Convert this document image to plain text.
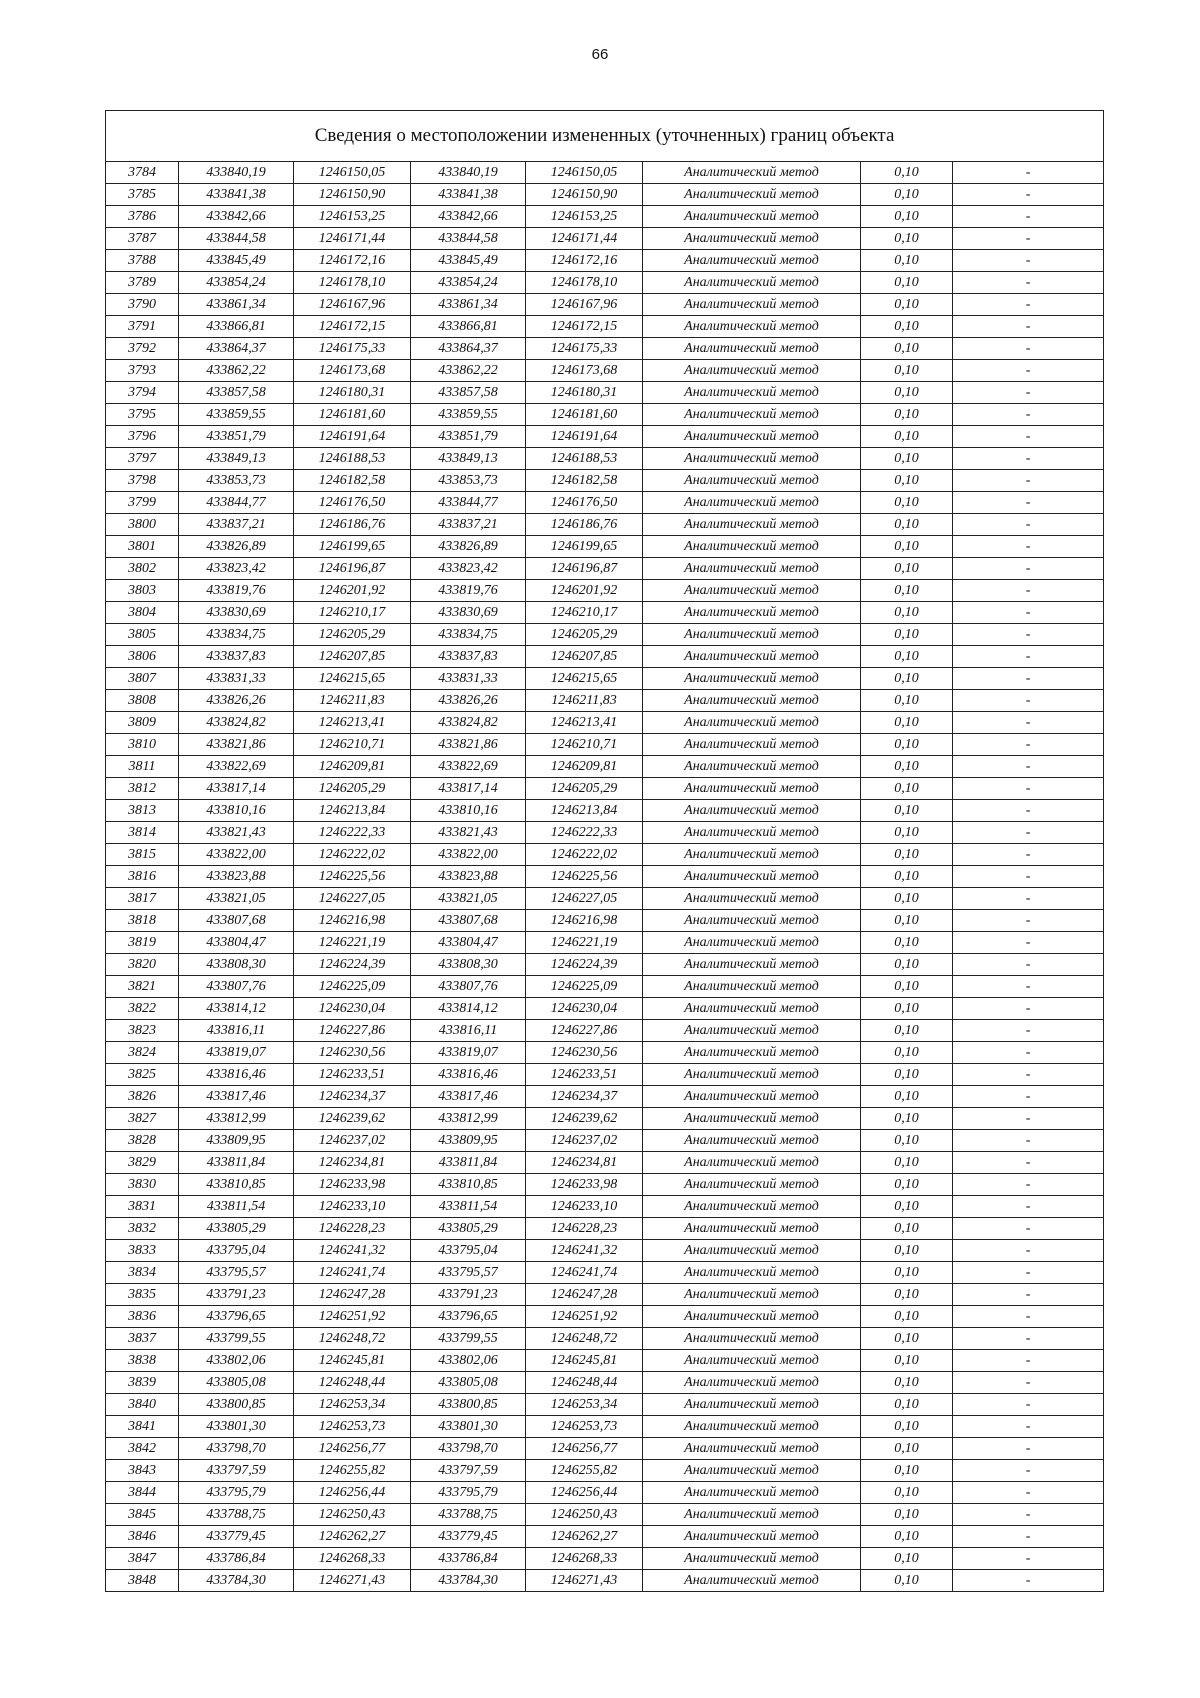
66
Сведения о местоположении измененных (уточненных) границ объекта							
3784	433840,19	1246150,05	433840,19	1246150,05	Аналитический метод	0,10	-
3785	433841,38	1246150,90	433841,38	1246150,90	Аналитический метод	0,10	-
3786	433842,66	1246153,25	433842,66	1246153,25	Аналитический метод	0,10	-
3787	433844,58	1246171,44	433844,58	1246171,44	Аналитический метод	0,10	-
3788	433845,49	1246172,16	433845,49	1246172,16	Аналитический метод	0,10	-
3789	433854,24	1246178,10	433854,24	1246178,10	Аналитический метод	0,10	-
3790	433861,34	1246167,96	433861,34	1246167,96	Аналитический метод	0,10	-
3791	433866,81	1246172,15	433866,81	1246172,15	Аналитический метод	0,10	-
3792	433864,37	1246175,33	433864,37	1246175,33	Аналитический метод	0,10	-
3793	433862,22	1246173,68	433862,22	1246173,68	Аналитический метод	0,10	-
3794	433857,58	1246180,31	433857,58	1246180,31	Аналитический метод	0,10	-
3795	433859,55	1246181,60	433859,55	1246181,60	Аналитический метод	0,10	-
3796	433851,79	1246191,64	433851,79	1246191,64	Аналитический метод	0,10	-
3797	433849,13	1246188,53	433849,13	1246188,53	Аналитический метод	0,10	-
3798	433853,73	1246182,58	433853,73	1246182,58	Аналитический метод	0,10	-
3799	433844,77	1246176,50	433844,77	1246176,50	Аналитический метод	0,10	-
3800	433837,21	1246186,76	433837,21	1246186,76	Аналитический метод	0,10	-
3801	433826,89	1246199,65	433826,89	1246199,65	Аналитический метод	0,10	-
3802	433823,42	1246196,87	433823,42	1246196,87	Аналитический метод	0,10	-
3803	433819,76	1246201,92	433819,76	1246201,92	Аналитический метод	0,10	-
3804	433830,69	1246210,17	433830,69	1246210,17	Аналитический метод	0,10	-
3805	433834,75	1246205,29	433834,75	1246205,29	Аналитический метод	0,10	-
3806	433837,83	1246207,85	433837,83	1246207,85	Аналитический метод	0,10	-
3807	433831,33	1246215,65	433831,33	1246215,65	Аналитический метод	0,10	-
3808	433826,26	1246211,83	433826,26	1246211,83	Аналитический метод	0,10	-
3809	433824,82	1246213,41	433824,82	1246213,41	Аналитический метод	0,10	-
3810	433821,86	1246210,71	433821,86	1246210,71	Аналитический метод	0,10	-
3811	433822,69	1246209,81	433822,69	1246209,81	Аналитический метод	0,10	-
3812	433817,14	1246205,29	433817,14	1246205,29	Аналитический метод	0,10	-
3813	433810,16	1246213,84	433810,16	1246213,84	Аналитический метод	0,10	-
3814	433821,43	1246222,33	433821,43	1246222,33	Аналитический метод	0,10	-
3815	433822,00	1246222,02	433822,00	1246222,02	Аналитический метод	0,10	-
3816	433823,88	1246225,56	433823,88	1246225,56	Аналитический метод	0,10	-
3817	433821,05	1246227,05	433821,05	1246227,05	Аналитический метод	0,10	-
3818	433807,68	1246216,98	433807,68	1246216,98	Аналитический метод	0,10	-
3819	433804,47	1246221,19	433804,47	1246221,19	Аналитический метод	0,10	-
3820	433808,30	1246224,39	433808,30	1246224,39	Аналитический метод	0,10	-
3821	433807,76	1246225,09	433807,76	1246225,09	Аналитический метод	0,10	-
3822	433814,12	1246230,04	433814,12	1246230,04	Аналитический метод	0,10	-
3823	433816,11	1246227,86	433816,11	1246227,86	Аналитический метод	0,10	-
3824	433819,07	1246230,56	433819,07	1246230,56	Аналитический метод	0,10	-
3825	433816,46	1246233,51	433816,46	1246233,51	Аналитический метод	0,10	-
3826	433817,46	1246234,37	433817,46	1246234,37	Аналитический метод	0,10	-
3827	433812,99	1246239,62	433812,99	1246239,62	Аналитический метод	0,10	-
3828	433809,95	1246237,02	433809,95	1246237,02	Аналитический метод	0,10	-
3829	433811,84	1246234,81	433811,84	1246234,81	Аналитический метод	0,10	-
3830	433810,85	1246233,98	433810,85	1246233,98	Аналитический метод	0,10	-
3831	433811,54	1246233,10	433811,54	1246233,10	Аналитический метод	0,10	-
3832	433805,29	1246228,23	433805,29	1246228,23	Аналитический метод	0,10	-
3833	433795,04	1246241,32	433795,04	1246241,32	Аналитический метод	0,10	-
3834	433795,57	1246241,74	433795,57	1246241,74	Аналитический метод	0,10	-
3835	433791,23	1246247,28	433791,23	1246247,28	Аналитический метод	0,10	-
3836	433796,65	1246251,92	433796,65	1246251,92	Аналитический метод	0,10	-
3837	433799,55	1246248,72	433799,55	1246248,72	Аналитический метод	0,10	-
3838	433802,06	1246245,81	433802,06	1246245,81	Аналитический метод	0,10	-
3839	433805,08	1246248,44	433805,08	1246248,44	Аналитический метод	0,10	-
3840	433800,85	1246253,34	433800,85	1246253,34	Аналитический метод	0,10	-
3841	433801,30	1246253,73	433801,30	1246253,73	Аналитический метод	0,10	-
3842	433798,70	1246256,77	433798,70	1246256,77	Аналитический метод	0,10	-
3843	433797,59	1246255,82	433797,59	1246255,82	Аналитический метод	0,10	-
3844	433795,79	1246256,44	433795,79	1246256,44	Аналитический метод	0,10	-
3845	433788,75	1246250,43	433788,75	1246250,43	Аналитический метод	0,10	-
3846	433779,45	1246262,27	433779,45	1246262,27	Аналитический метод	0,10	-
3847	433786,84	1246268,33	433786,84	1246268,33	Аналитический метод	0,10	-
3848	433784,30	1246271,43	433784,30	1246271,43	Аналитический метод	0,10	-
